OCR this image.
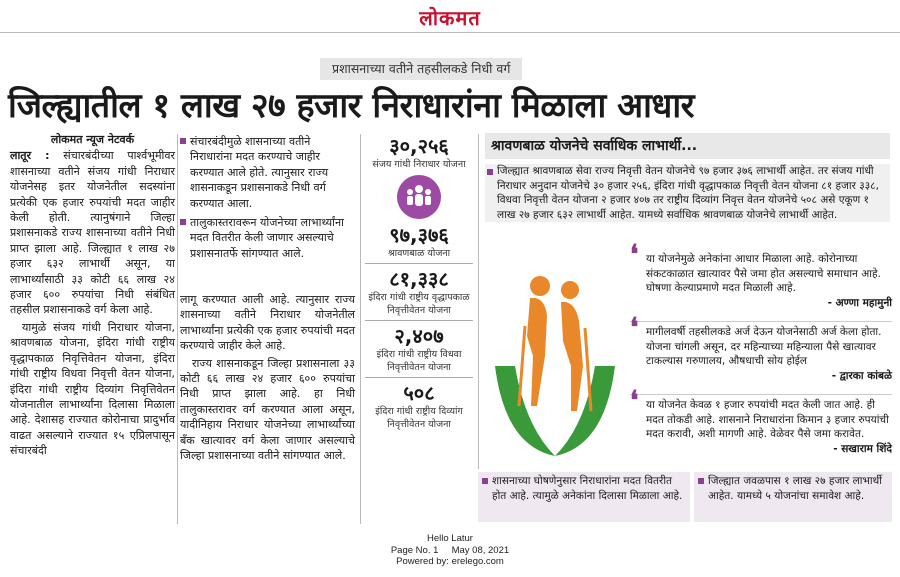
लोकमत
प्रशासनाच्या वतीने तहसीलकडे निधी वर्ग
जिल्ह्यातील १ लाख २७ हजार निराधारांना मिळाला आधार
लोकमत न्यूज नेटवर्क

लातूर : संचारबंदीच्या पार्श्वभूमीवर शासनाच्या वतीने संजय गांधी निराधार योजनेसह इतर योजनेतील सदस्यांना प्रत्येकी एक हजार रुपयांची मदत जाहीर केली होती. त्यानुषंगाने जिल्हा प्रशासनाकडे राज्य शासनाच्या वतीने निधी प्राप्त झाला आहे. जिल्ह्यात १ लाख २७ हजार ६३२ लाभार्थी असून, या लाभार्थ्यांसाठी ३३ कोटी ६६ लाख २४ हजार ६०० रुपयांचा निधी संबंधित तहसील प्रशासनाकडे वर्ग केला आहे.

यामुळे संजय गांधी निराधार योजना, श्रावणबाळ योजना, इंदिरा गांधी राष्ट्रीय वृद्धापकाळ निवृत्तिवेतन योजना, इंदिरा गांधी राष्ट्रीय विधवा निवृत्ती वेतन योजना, इंदिरा गांधी राष्ट्रीय दिव्यांग निवृत्तिवेतन योजनातील लाभार्थ्यांना दिलासा मिळाला आहे. देशासह राज्यात कोरोनाचा प्रादुर्भाव वाढत असल्याने राज्यात १५ एप्रिलपासून संचारबंदी

संचारबंदीमुळे शासनाच्या वतीने निराधारांना मदत करण्याचे जाहीर करण्यात आले होते. त्यानुसार राज्य शासनाकडून प्रशासनाकडे निधी वर्ग करण्यात आला.
तालुकास्तरावरून योजनेच्या लाभार्थ्यांना मदत वितरीत केली जाणार असल्याचे प्रशासनातर्फे सांगण्यात आले.

लागू करण्यात आली आहे. त्यानुसार राज्य शासनाच्या वतीने निराधार योजनेतील लाभार्थ्यांना प्रत्येकी एक हजार रुपयांची मदत करण्याचे जाहीर केले आहे.

राज्य शासनाकडून जिल्हा प्रशासनाला ३३ कोटी ६६ लाख २४ हजार ६०० रुपयांचा निधी प्राप्त झाला आहे. हा निधी तालुकास्तरावर वर्ग करण्यात आला असून, यादीनिहाय निराधार योजनेच्या लाभार्थ्यांच्या बँक खात्यावर वर्ग केला जाणार असल्याचे जिल्हा प्रशासनाच्या वतीने सांगण्यात आले.

३०,२५६
संजय गांधी निराधार योजना
९७,३७६
श्रावणबाळ योजना
८१,३३८
इंदिरा गांधी राष्ट्रीय वृद्धापकाळ निवृत्तीवेतन योजना
२,४०७
इंदिरा गांधी राष्ट्रीय विधवा निवृत्तीवेतन योजना
५०८
इंदिरा गांधी राष्ट्रीय दिव्यांग निवृत्तीवेतन योजना
श्रावणबाळ योजनेचे सर्वाधिक लाभार्थी...
जिल्ह्यात श्रावणबाळ सेवा राज्य निवृत्ती वेतन योजनेचे ९७ हजार ३७६ लाभार्थी आहेत. तर संजय गांधी निराधार अनुदान योजनेचे ३० हजार २५६, इंदिरा गांधी वृद्धापकाळ निवृत्ती वेतन योजना ८१ हजार ३३८, विधवा निवृत्ती वेतन योजना २ हजार ४०७ तर राष्ट्रीय दिव्यांग निवृत्त वेतन योजनेचे ५०८ असे एकूण १ लाख २७ हजार ६३२ लाभार्थी आहेत. यामध्ये सर्वाधिक श्रावणबाळ योजनेचे लाभार्थी आहेत.
❛ या योजनेमुळे अनेकांना आधार मिळाला आहे. कोरोनाच्या संकटकाळात खात्यावर पैसे जमा होत असल्याचे समाधान आहे. घोषणा केल्याप्रमाणे मदत मिळाली आहे.
- अण्णा महामुनी
❛ मागीलवर्षी तहसीलकडे अर्ज देऊन योजनेसाठी अर्ज केला होता. योजना चांगली असून, दर महिन्याच्या महिन्याला पैसे खात्यावर टाकल्यास गरुणालय, औषधाची सोय होईल
- द्वारका कांबळे
❛ या योजनेत केवळ १ हजार रुपयांची मदत केली जात आहे. ही मदत तोकडी आहे. शासनाने निराधारांना किमान ३ हजार रुपयांची मदत करावी, अशी मागणी आहे. वेळेवर पैसे जमा करावेत.
- सखाराम शिंदे
शासनाच्या घोषणेनुसार निराधारांना मदत वितरीत होत आहे. त्यामुळे अनेकांना दिलासा मिळाला आहे.
जिल्ह्यात जवळपास १ लाख २७ हजार लाभार्थी आहेत. यामध्ये ५ योजनांचा समावेश आहे.
Hello Latur
Page No. 1     May 08, 2021
Powered by: erelego.com
